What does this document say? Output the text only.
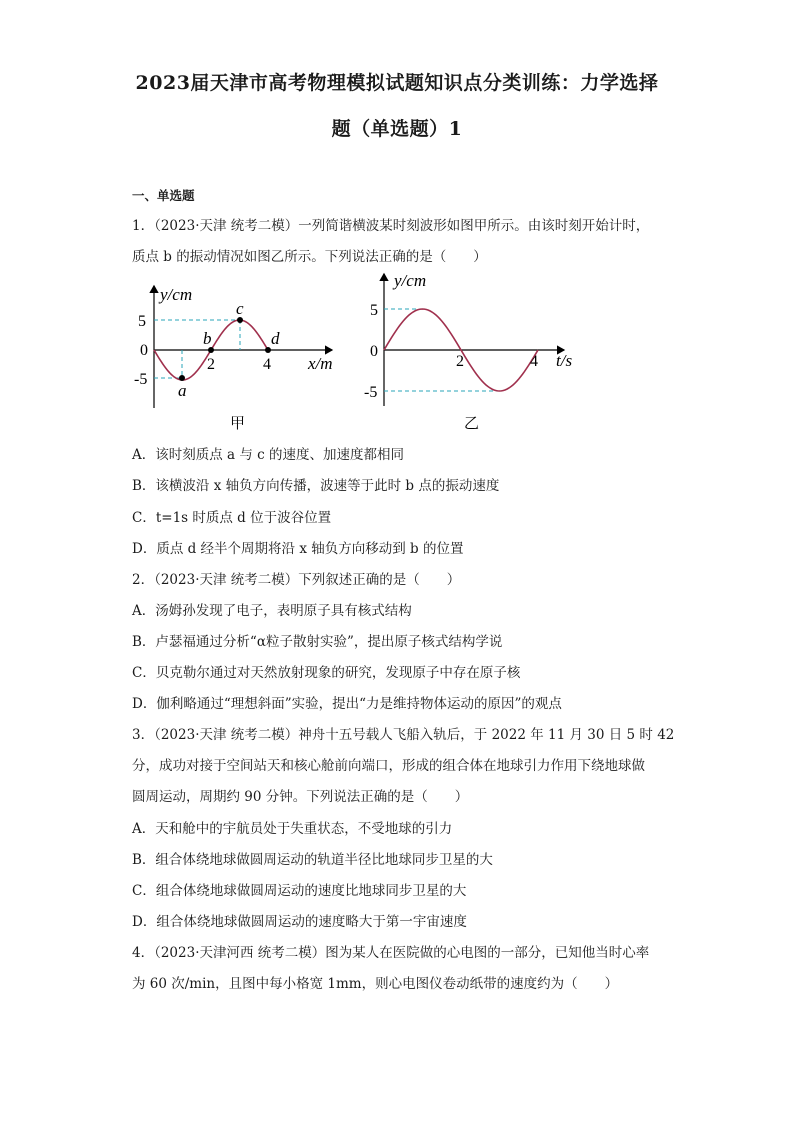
2023届天津市高考物理模拟试题知识点分类训练：力学选择
题（单选题）1
一、单选题
1．（2023·天津 统考二模）一列简谐横波某时刻波形如图甲所示。由该时刻开始计时，
质点 b 的振动情况如图乙所示。下列说法正确的是（　　）
y/cm
x/m
5
0
-5
2	4
a
b
c
d
甲
y/cm
t/s
5
0
-5
2	4
乙
A．该时刻质点 a 与 c 的速度、加速度都相同
B．该横波沿 x 轴负方向传播，波速等于此时 b 点的振动速度
C．t=1s 时质点 d 位于波谷位置
D．质点 d 经半个周期将沿 x 轴负方向移动到 b 的位置
2．（2023·天津 统考二模）下列叙述正确的是（　　）
A．汤姆孙发现了电子，表明原子具有核式结构
B．卢瑟福通过分析“α粒子散射实验”，提出原子核式结构学说
C．贝克勒尔通过对天然放射现象的研究，发现原子中存在原子核
D．伽利略通过“理想斜面”实验，提出“力是维持物体运动的原因”的观点
3．（2023·天津 统考二模）神舟十五号载人飞船入轨后，于 2022 年 11 月 30 日 5 时 42
分，成功对接于空间站天和核心舱前向端口，形成的组合体在地球引力作用下绕地球做
圆周运动，周期约 90 分钟。下列说法正确的是（　　）
A．天和舱中的宇航员处于失重状态，不受地球的引力
B．组合体绕地球做圆周运动的轨道半径比地球同步卫星的大
C．组合体绕地球做圆周运动的速度比地球同步卫星的大
D．组合体绕地球做圆周运动的速度略大于第一宇宙速度
4．（2023·天津河西 统考二模）图为某人在医院做的心电图的一部分，已知他当时心率
为 60 次/min，且图中每小格宽 1mm，则心电图仪卷动纸带的速度约为（　　）
